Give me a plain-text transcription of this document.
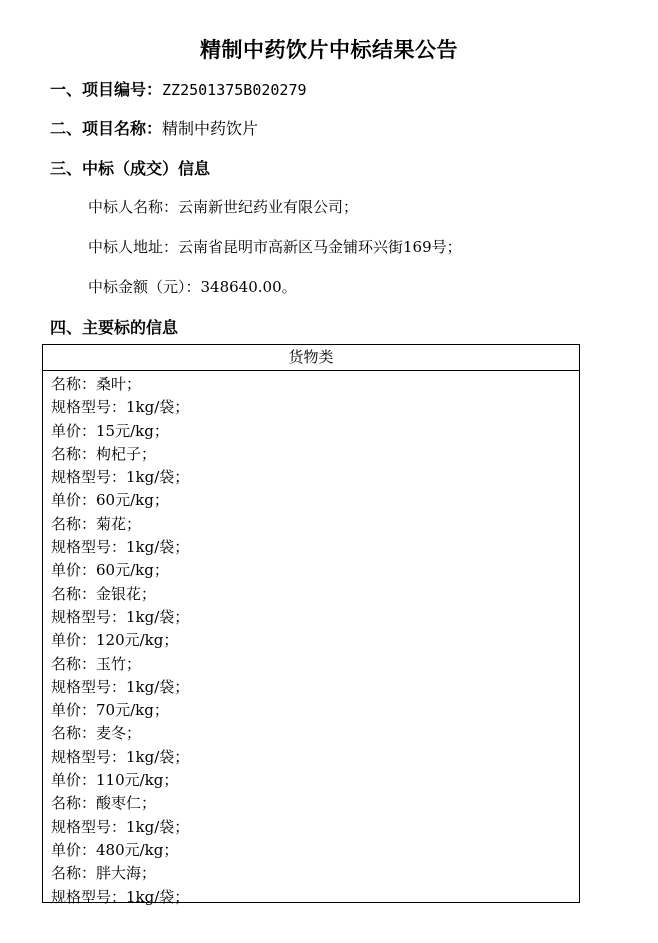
精制中药饮片中标结果公告
一、项目编号：ZZ2501375B020279
二、项目名称：精制中药饮片
三、中标（成交）信息
中标人名称：云南新世纪药业有限公司；
中标人地址：云南省昆明市高新区马金铺环兴街169号；
中标金额（元）：348640.00。
四、主要标的信息
货物类
名称：桑叶；
规格型号：1kg/袋；
单价：15元/kg；
名称：枸杞子；
规格型号：1kg/袋；
单价：60元/kg；
名称：菊花；
规格型号：1kg/袋；
单价：60元/kg；
名称：金银花；
规格型号：1kg/袋；
单价：120元/kg；
名称：玉竹；
规格型号：1kg/袋；
单价：70元/kg；
名称：麦冬；
规格型号：1kg/袋；
单价：110元/kg；
名称：酸枣仁；
规格型号：1kg/袋；
单价：480元/kg；
名称：胖大海；
规格型号：1kg/袋；
